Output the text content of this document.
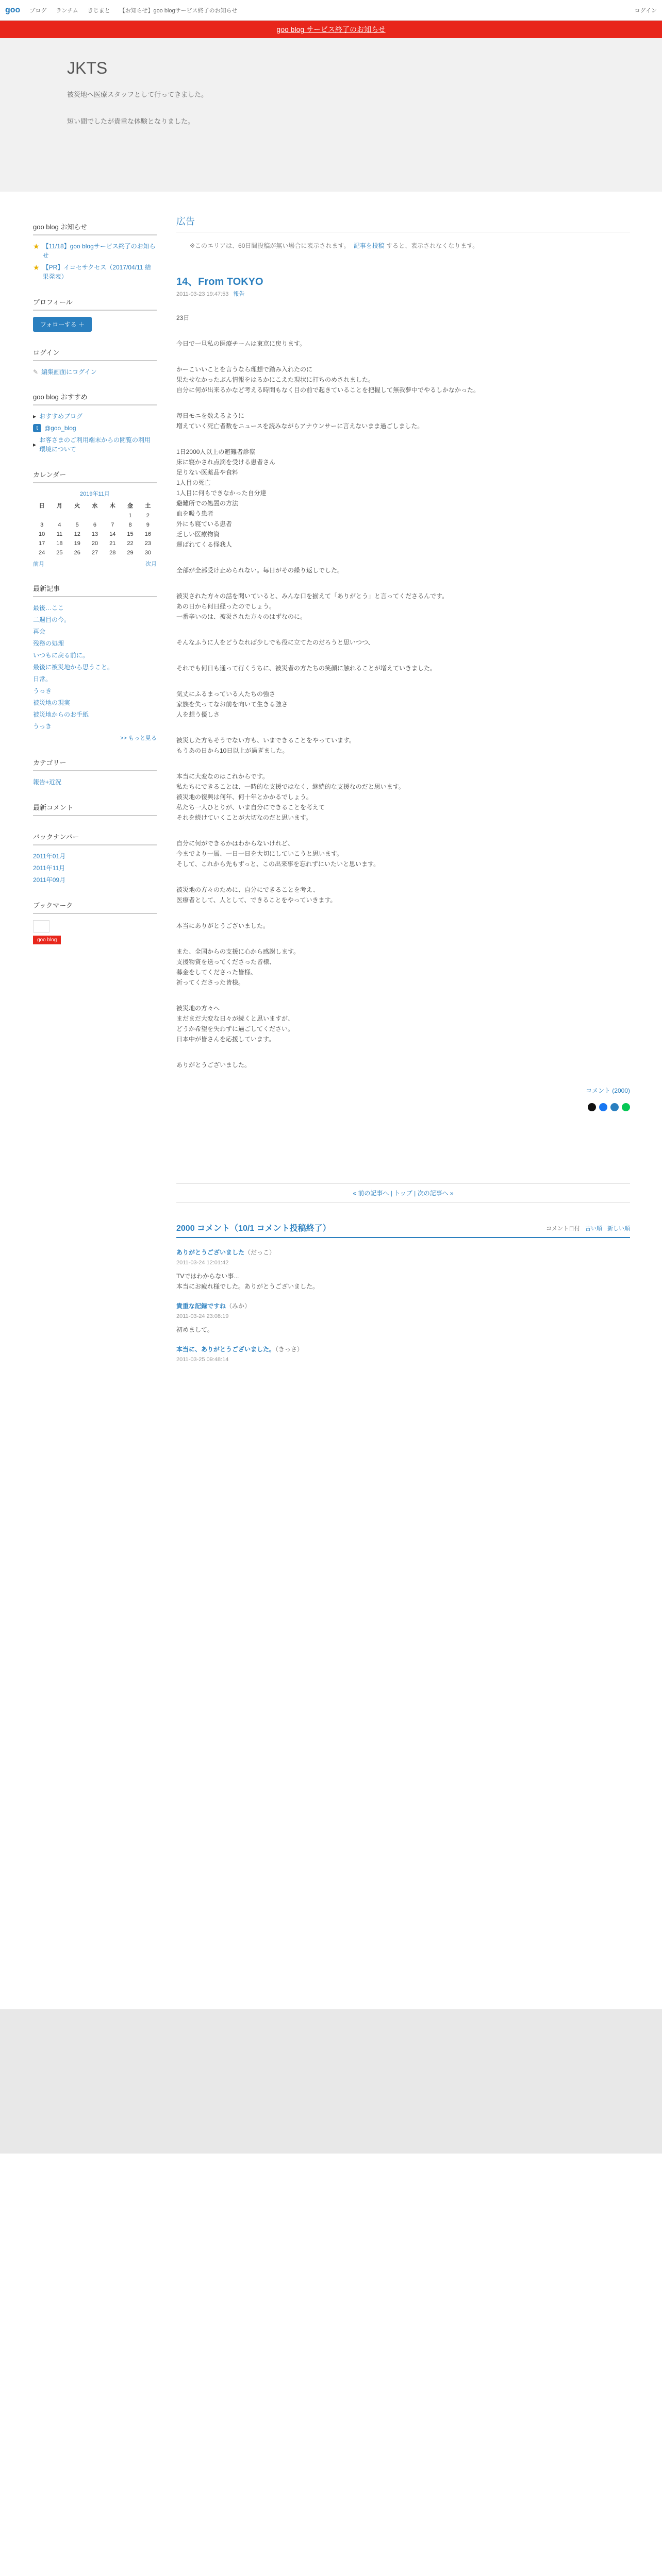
goo ブログ ランチム きじまと 【お知らせ】goo blogサービス終了のお知らせ	ログイン
goo blog サービス終了のお知らせ
JKTS
被災地へ医療スタッフとして行ってきました。

短い間でしたが貴重な体験となりました。
goo blog お知らせ
★ 【11/18】goo blogサービス終了のお知らせ
★ 【PR】イコセサクセス（2017/04/11 結果発表）
プロフィール
フォローする ＋
ログイン
✎ 編集画面にログイン
goo blog おすすめ
▸ おすすめブログ
t	@goo_blog
▸
お客さまのご利用端末からの閲覧の利用環境について
カレンダー
2019年11月
日	月	火	水	木	金	土
					1	2
3	4	5	6	7	8	9
10	11	12	13	14	15	16
17	18	19	20	21	22	23
24	25	26	27	28	29	30
前月	次月
最新記事
最後…ここ
二週目の今。
再会
残務の処理
いつもに戻る前に。
最後に被災地から思うこと。
日常。
うっき
被災地の現実
被災地からのお手紙
うっき
>> もっと見る
カテゴリー
報告+近況
最新コメント
バックナンバー
2011年01月
2011年11月
2011年09月
ブックマーク
goo blog
広告
※このエリアは、60日間投稿が無い場合に表示されます。 記事を投稿 すると、表示されなくなります。
14、From TOKYO
2011-03-23 19:47:53 報告
23日
今日で一旦私の医療チームは東京に戻ります。
かーこいいことを言うなら理想で踏み入れたのに
果たせなかったぶん情報をはるかにこえた現状に打ちのめされました。
自分に何が出来るかなど考える時間もなく目の前で起きていることを把握して無我夢中でやるしかなかった。
毎日モニを数えるように
増えていく死亡者数をニュースを読みながらアナウンサーに言えないまま過ごしました。
1日2000人以上の避難者診察
床に寝かされ点滴を受ける患者さん
足りない医薬品や食料
1人目の死亡
1人目に何もできなかった自分達
避難所での処置の方法
血を吸う患者
外にも寝ている患者
乏しい医療物資
運ばれてくる怪我人
全部が全部受け止められない。毎日がその繰り返しでした。
被災された方々の話を聞いていると、みんな口を揃えて「ありがとう」と言ってくださるんです。
あの日から何日経ったのでしょう。
一番辛いのは、被災された方々のはずなのに。
そんなふうに人をどうなれば少しでも役に立てたのだろうと思いつつ、
それでも何日も通って行くうちに、被災者の方たちの笑顔に触れることが増えていきました。
気丈にふるまっている人たちの強さ
家族を失ってなお前を向いて生きる強さ
人を想う優しさ
被災した方もそうでない方も、いまできることをやっています。
もうあの日から10日以上が過ぎました。
本当に大変なのはこれからです。
私たちにできることは、一時的な支援ではなく、継続的な支援なのだと思います。
被災地の復興は何年、何十年とかかるでしょう。
私たち一人ひとりが、いま自分にできることを考えて
それを続けていくことが大切なのだと思います。
自分に何ができるかはわからないけれど、
今までより一層、一日一日を大切にしていこうと思います。
そして、これから先もずっと、この出来事を忘れずにいたいと思います。
被災地の方々のために、自分にできることを考え、
医療者として、人として、できることをやっていきます。
本当にありがとうございました。
また、全国からの支援に心から感謝します。
支援物資を送ってくださった皆様、
募金をしてくださった皆様、
祈ってくださった皆様。
被災地の方々へ
まだまだ大変な日々が続くと思いますが、
どうか希望を失わずに過ごしてください。
日本中が皆さんを応援しています。
ありがとうございました。
コメント (2000)
« 前の記事へ | トップ | 次の記事へ »
2000 コメント（10/1 コメント投稿終了）	コメント日付 古い順 新しい順
ありがとうございました（だっこ）
2011-03-24 12:01:42
TVではわからない事...
本当にお疲れ様でした。ありがとうございました。
貴重な記録ですね（みか）
2011-03-24 23:08:19
初めまして。
本当に、ありがとうございました。（きっさ）
2011-03-25 09:48:14
